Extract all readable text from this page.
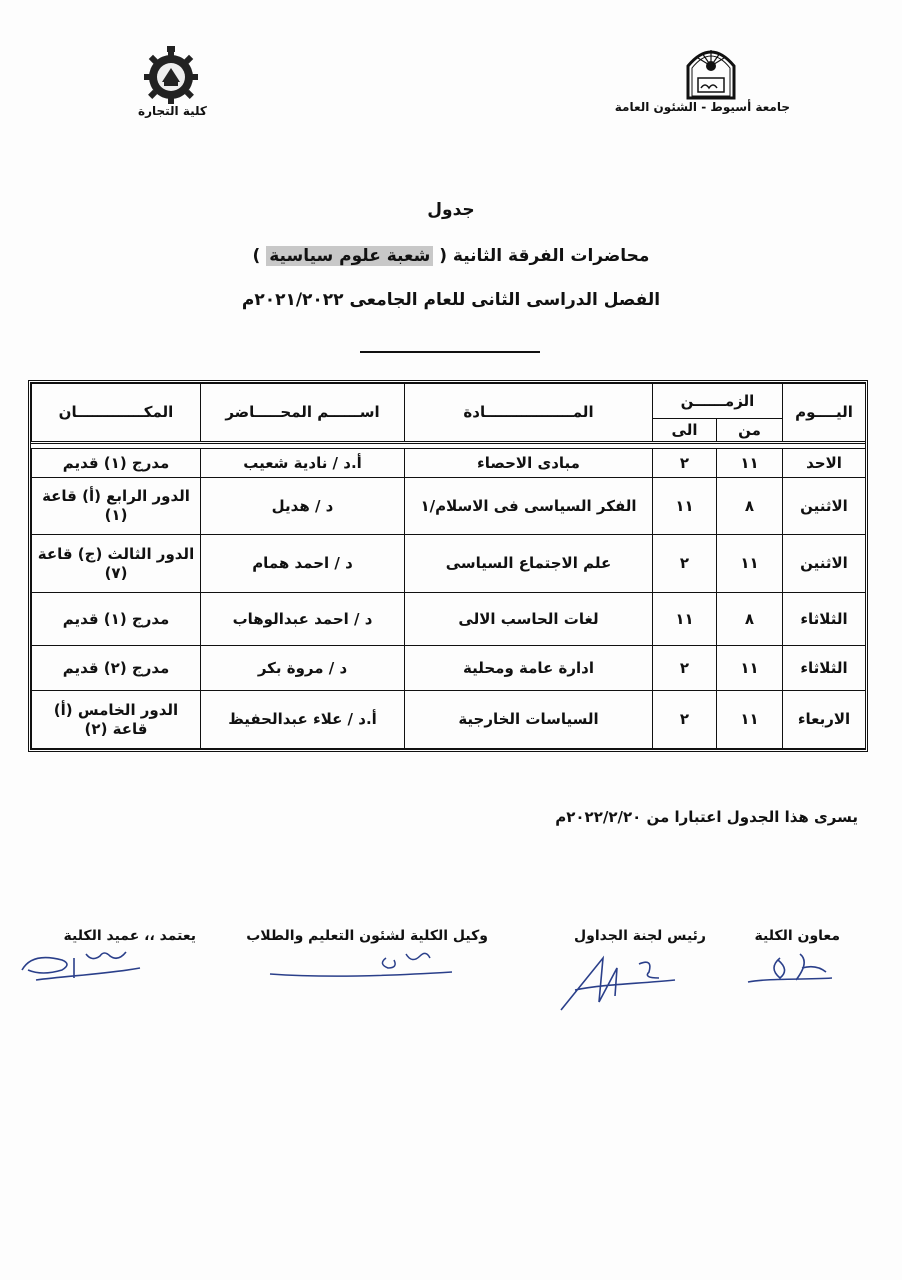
جامعة أسيوط - الشئون العامة
كلية التجارة
جدول
محاضرات الفرقة الثانية ( شعبة علوم سياسية )
الفصل الدراسى الثانى للعام الجامعى ٢٠٢١/٢٠٢٢م
اليــــوم	الزمــــــن		المـــــــــــــــــادة	اســــــم المحـــــاضر	المكـــــــــــــان
	من	الى			

الاحد	١١	٢	مبادى الاحصاء	أ.د / نادية شعيب	مدرج (١) قديم
الاثنين	٨	١١	الفكر السياسى فى الاسلام/١	د / هديل	الدور الرابع (أ) قاعة (١)
الاثنين	١١	٢	علم الاجتماع السياسى	د / احمد همام	الدور الثالث (ج) قاعة (٧)
الثلاثاء	٨	١١	لغات الحاسب الالى	د / احمد عبدالوهاب	مدرج (١) قديم
الثلاثاء	١١	٢	ادارة عامة ومحلية	د / مروة بكر	مدرج (٢) قديم
الاربعاء	١١	٢	السياسات الخارجية	أ.د / علاء عبدالحفيظ	الدور الخامس (أ) قاعة (٢)
يسرى هذا الجدول اعتبارا من ٢٠٢٢/٢/٢٠م
معاون الكلية
رئيس لجنة الجداول
وكيل الكلية لشئون التعليم والطلاب
يعتمد ،، عميد الكلية
